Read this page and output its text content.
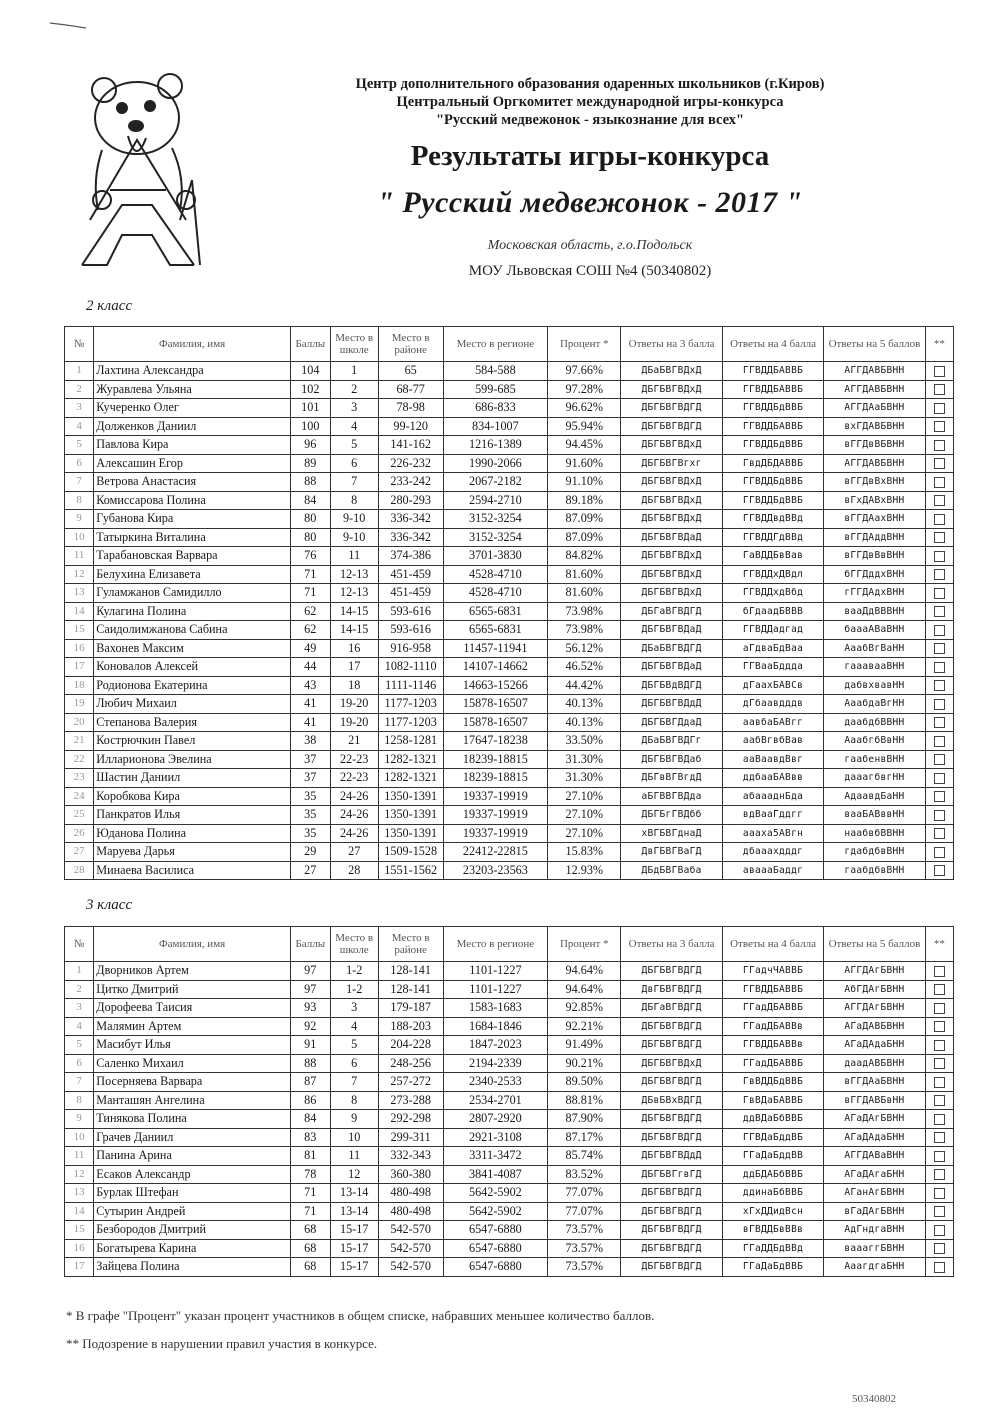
Центр дополнительного образования одаренных школьников (г.Киров)
Центральный Оргкомитет международной игры-конкурса
"Русский медвежонок - языкознание для всех"
Результаты игры-конкурса
" Русский медвежонок - 2017 "
Московская область, г.о.Подольск
МОУ Львовская СОШ №4 (50340802)
2 класс
№	Фамилия, имя	Баллы	Место в школе	Место в районе	Место в регионе	Процент *	Ответы на 3 балла	Ответы на 4 балла	Ответы на 5 баллов	**
1	Лахтина Александра	104	1	65	584-588	97.66%	ДБаБВГВДхД	ГГВДДБАВВБ	АГГДАВБВНН	
2	Журавлева Ульяна	102	2	68-77	599-685	97.28%	ДБГБВГВДхД	ГГВДДБАВВБ	АГГДАВБВНН	
3	Кучеренко Олег	101	3	78-98	686-833	96.62%	ДБГБВГВДГД	ГГВДДБдВВБ	АГГДАаБВНН	
4	Долженков Даниил	100	4	99-120	834-1007	95.94%	ДБГБВГВДГД	ГГВДДБАВВБ	вхГДАВБВНН	
5	Павлова Кира	96	5	141-162	1216-1389	94.45%	ДБГБВГВДхД	ГГВДДБдВВБ	вГГДвВБВНН	
6	Алексашин Егор	89	6	226-232	1990-2066	91.60%	ДБГБВГВгхг	ГвдДБДАВВБ	АГГДАВБВНН	
7	Ветрова Анастасия	88	7	233-242	2067-2182	91.10%	ДБГБВГВДхД	ГГВДДБдВВБ	вГГДвВхВНН	
8	Комиссарова Полина	84	8	280-293	2594-2710	89.18%	ДБГБВГВДхД	ГГВДДБдВВБ	вГхДАВхВНН	
9	Губанова Кира	80	9-10	336-342	3152-3254	87.09%	ДБГБВГВДхД	ГГВДДвдВВд	вГГДАахВНН	
10	Татыркина Виталина	80	9-10	336-342	3152-3254	87.09%	ДБГБВГВДаД	ГГВДДГдВВд	вГГДАддВНН	
11	Тарабановская Варвара	76	11	374-386	3701-3830	84.82%	ДБГБВГВДхД	ГаВДДБвВав	вГГДвВвВНН	
12	Белухина Елизавета	71	12-13	451-459	4528-4710	81.60%	ДБГБВГВДхД	ГГВДДхДВдл	бГГДддхВНН	
13	Гуламжанов Самидилло	71	12-13	451-459	4528-4710	81.60%	ДБГБВГВДхД	ГГВДДхдВбд	гГГДАдхВНН	
14	Кулагина Полина	62	14-15	593-616	6565-6831	73.98%	ДБГаВГВДГД	бГдаадБВВВ	вааДдВВВНН	
15	Саидолимжанова Сабина	62	14-15	593-616	6565-6831	73.98%	ДБГБВГВДаД	ГГВДДадгад	баааАВаВНН	
16	Вахонев Максим	49	16	916-958	11457-11941	56.12%	ДБаБВГВДГД	аГдваБдВаа	АаабВгВаНН	
17	Коновалов Алексей	44	17	1082-1110	14107-14662	46.52%	ДБГБВГВДаД	ГГВааБддда	гааавааВНН	
18	Родионова Екатерина	43	18	1111-1146	14663-15266	44.42%	ДБГБВдВДГД	дГаахБАВСв	дабвхвавНН	
19	Любич Михаил	41	19-20	1177-1203	15878-16507	40.13%	ДБГБВГВДдД	дГбаавдддв	АаабдаВгНН	
20	Степанова Валерия	41	19-20	1177-1203	15878-16507	40.13%	ДБГБВГДдаД	аавбаБАВгг	даабдбВВНН	
21	Кострючкин Павел	38	21	1258-1281	17647-18238	33.50%	ДБаБВГВДГг	аабВгвбВав	АаабгбВвНН	
22	Илларионова Эвелина	37	22-23	1282-1321	18239-18815	31.30%	ДБГБВГВДаб	ааВаавдВвг	гаабенвВНН	
23	Шастин Даниил	37	22-23	1282-1321	18239-18815	31.30%	ДБГвВГВгдД	ддбааБАВвв	дааагбвгНН	
24	Коробкова Кира	35	24-26	1350-1391	19337-19919	27.10%	аБГВВГВДда	абаааднБда	АдаавдБаНН	
25	Панкратов Илья	35	24-26	1350-1391	19337-19919	27.10%	ДБГБгГВДбб	вдВааГддгг	вааБАВввНН	
26	Юданова Полина	35	24-26	1350-1391	19337-19919	27.10%	хВГБВГднаД	аааха5АВгн	наабвбВВНН	
27	Маруева Дарья	29	27	1509-1528	22412-22815	15.83%	ДвГБВГВаГД	дбааахдддг	гдабдбвВНН	
28	Минаева Василиса	27	28	1551-1562	23203-23563	12.93%	ДБдБВГВаба	аваааБаддг	гаабдбвВНН	
3 класс
№	Фамилия, имя	Баллы	Место в школе	Место в районе	Место в регионе	Процент *	Ответы на 3 балла	Ответы на 4 балла	Ответы на 5 баллов	**
1	Дворников Артем	97	1-2	128-141	1101-1227	94.64%	ДБГБВГВДГД	ГГадчЧАВВБ	АГГДАгБВНН	
2	Цитко Дмитрий	97	1-2	128-141	1101-1227	94.64%	ДвГБВГВДГД	ГГВДДБАВВБ	АбГДАгБВНН	
3	Дорофеева Таисия	93	3	179-187	1583-1683	92.85%	ДБГаВГВДГД	ГГадДБАВВБ	АГГДАгБВНН	
4	Малямин Артем	92	4	188-203	1684-1846	92.21%	ДБГБВГВДГД	ГГадДБАВВв	АГаДАВБВНН	
5	Масибут Илья	91	5	204-228	1847-2023	91.49%	ДБГБВГВДГД	ГГВДДБАВВв	АГаДАдаБНН	
6	Саленко Михаил	88	6	248-256	2194-2339	90.21%	ДБГБВГВДхД	ГГадДБАВВБ	даадАВБВНН	
7	Посерняева Варвара	87	7	257-272	2340-2533	89.50%	ДБГБВГВДГД	ГвВДДБдВВБ	вГГДАаБВНН	
8	Манташян Ангелина	86	8	273-288	2534-2701	88.81%	ДБвБВхВДГД	ГвВДаБАВВБ	вГГДАВБвНН	
9	Тинякова Полина	84	9	292-298	2807-2920	87.90%	ДБГБВГВДГД	ддВДаБбВВБ	АГаДАгБВНН	
10	Грачев Даниил	83	10	299-311	2921-3108	87.17%	ДБГБВГВДГД	ГГВДаБддВБ	АГаДАдаБНН	
11	Панина Арина	81	11	332-343	3311-3472	85.74%	ДБГБВГВДдД	ГГаДаБддВВ	АГГДАВаВНН	
12	Есаков Александр	78	12	360-380	3841-4087	83.52%	ДБГБВГгвГД	ддБДАБбВВБ	АГаДАгаБНН	
13	Бурлак Штефан	71	13-14	480-498	5642-5902	77.07%	ДБГБВГВДГД	ддинаБбВВБ	АГанАгБВНН	
14	Сутырин Андрей	71	13-14	480-498	5642-5902	77.07%	ДБГБВГВДГД	хГхДДидВсн	вГаДАгБВНН	
15	Безбородов Дмитрий	68	15-17	542-570	6547-6880	73.57%	ДБГБВГВДГД	вГВДДБвВВв	АдГндгаВНН	
16	Богатырева Карина	68	15-17	542-570	6547-6880	73.57%	ДБГБВГВДГД	ГГаДДБдВВд	ваааггБВНН	
17	Зайцева Полина	68	15-17	542-570	6547-6880	73.57%	ДБГБВГВДГД	ГГаДаБдВВБ	АаагдгаБНН	
* В графе "Процент" указан процент участников в общем списке, набравших меньшее количество баллов.
** Подозрение в нарушении правил участия в конкурсе.
50340802
